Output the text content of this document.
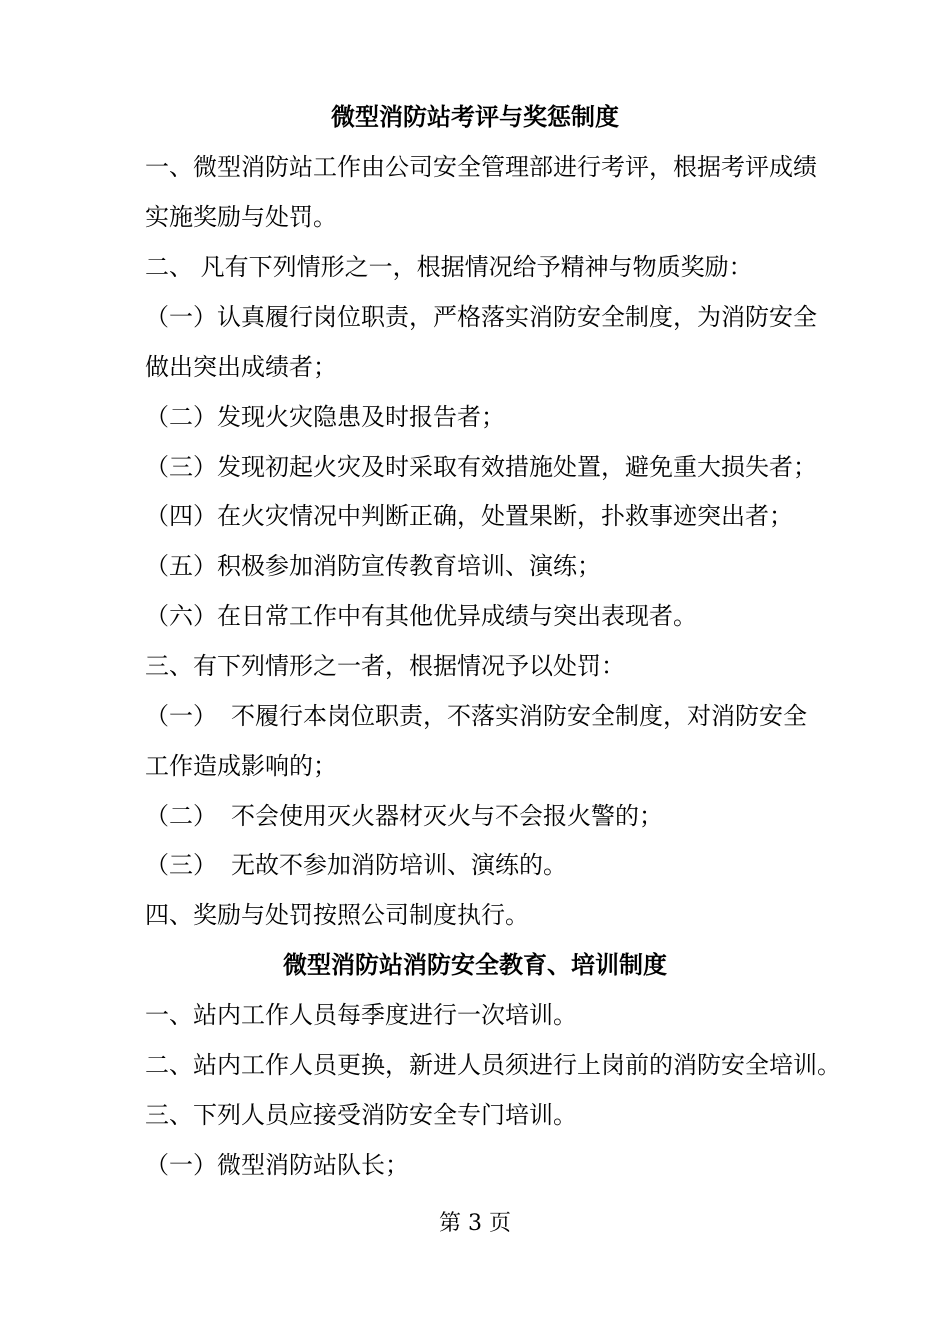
微型消防站考评与奖惩制度
一、微型消防站工作由公司安全管理部进行考评，根据考评成绩
实施奖励与处罚。
二、 凡有下列情形之一，根据情况给予精神与物质奖励：
（一）认真履行岗位职责，严格落实消防安全制度，为消防安全
做出突出成绩者；
（二）发现火灾隐患及时报告者；
（三）发现初起火灾及时采取有效措施处置，避免重大损失者；
（四）在火灾情况中判断正确，处置果断，扑救事迹突出者；
（五）积极参加消防宣传教育培训、演练；
（六）在日常工作中有其他优异成绩与突出表现者。
三、有下列情形之一者，根据情况予以处罚：
（一） 不履行本岗位职责，不落实消防安全制度，对消防安全
工作造成影响的；
（二） 不会使用灭火器材灭火与不会报火警的；
（三） 无故不参加消防培训、演练的。
四、奖励与处罚按照公司制度执行。
微型消防站消防安全教育、培训制度
一、站内工作人员每季度进行一次培训。
二、站内工作人员更换，新进人员须进行上岗前的消防安全培训。
三、下列人员应接受消防安全专门培训。
（一）微型消防站队长；
第 3 页
